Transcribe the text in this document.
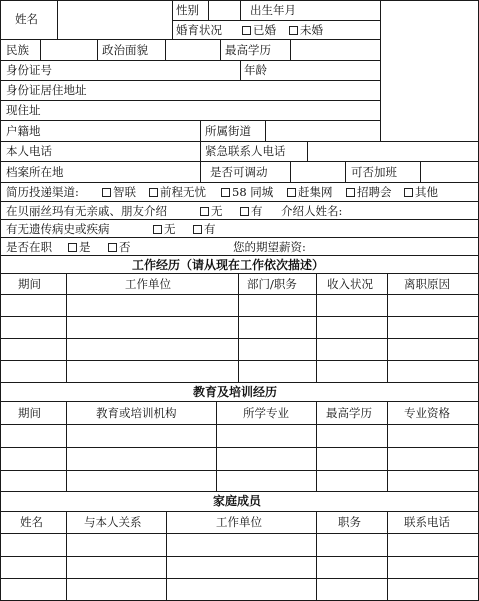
姓名
性别	出生年月
婚育状况	已婚	未婚
民族	政治面貌	最高学历
身份证号	年龄
身份证居住地址
现住址
户籍地	所属街道
本人电话	紧急联系人电话
档案所在地	是否可调动	可否加班
简历投递渠道:	智联	前程无忧	58 同城	赶集网	招聘会	其他
在贝丽丝玛有无亲戚、朋友介绍	无	有 介绍人姓名:
有无遗传病史或疾病	无	有
是否在职	是	否	您的期望薪资:
工作经历（请从现在工作依次描述）
期间	工作单位	部门/职务	收入状况	离职原因
教育及培训经历
期间	教育或培训机构	所学专业	最高学历	专业资格
家庭成员
姓名	与本人关系	工作单位	职务	联系电话
